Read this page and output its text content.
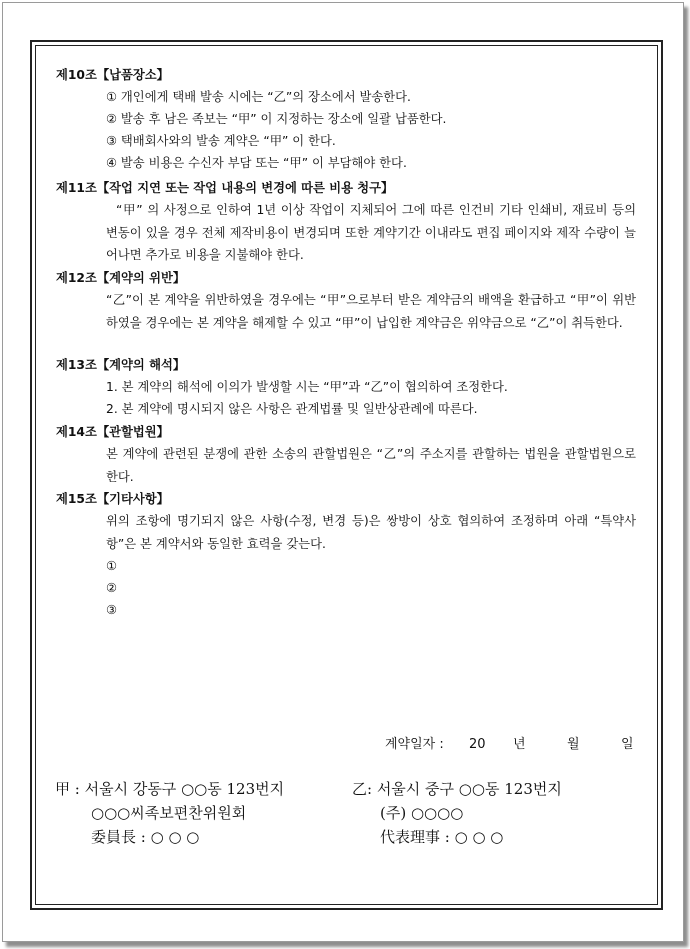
제10조【납품장소】
① 개인에게 택배 발송 시에는 “乙”의 장소에서 발송한다.
② 발송 후 남은 족보는 “甲” 이 지정하는 장소에 일괄 납품한다.
③ 택배회사와의 발송 계약은 “甲” 이 한다.
④ 발송 비용은 수신자 부담 또는 “甲” 이 부담해야 한다.
제11조【작업 지연 또는 작업 내용의 변경에 따른 비용 청구】
“甲” 의 사정으로 인하여 1년 이상 작업이 지체되어 그에 따른 인건비 기타 인쇄비, 재료비 등의 변동이 있을 경우 전체 제작비용이 변경되며 또한 계약기간 이내라도 편집 페이지와 제작 수량이 늘어나면 추가로 비용을 지불해야 한다.
제12조【계약의 위반】
“乙”이 본 계약을 위반하였을 경우에는 “甲”으로부터 받은 계약금의 배액을 환급하고 “甲”이 위반하였을 경우에는 본 계약을 해제할 수 있고 “甲”이 납입한 계약금은 위약금으로 “乙”이 취득한다.
제13조【계약의 해석】
1. 본 계약의 해석에 이의가 발생할 시는 “甲”과 “乙”이 협의하여 조정한다.
2. 본 계약에 명시되지 않은 사항은 관계법률 및 일반상관례에 따른다.
제14조【관할법원】
본 계약에 관련된 분쟁에 관한 소송의 관할법원은 “乙”의 주소지를 관할하는 법원을 관할법원으로 한다.
제15조【기타사항】
위의 조항에 명기되지 않은 사항(수정, 변경 등)은 쌍방이 상호 협의하여 조정하며 아래 “특약사항”은 본 계약서와 동일한 효력을 갖는다.
①
②
③
계약일자 : 20 년	월	일
甲 : 서울시 강동구 ○○동 123번지
○○○씨족보편찬위원회
委員長 : ○ ○ ○
乙: 서울시 중구 ○○동 123번지
(주) ○○○○
代表理事 : ○ ○ ○
